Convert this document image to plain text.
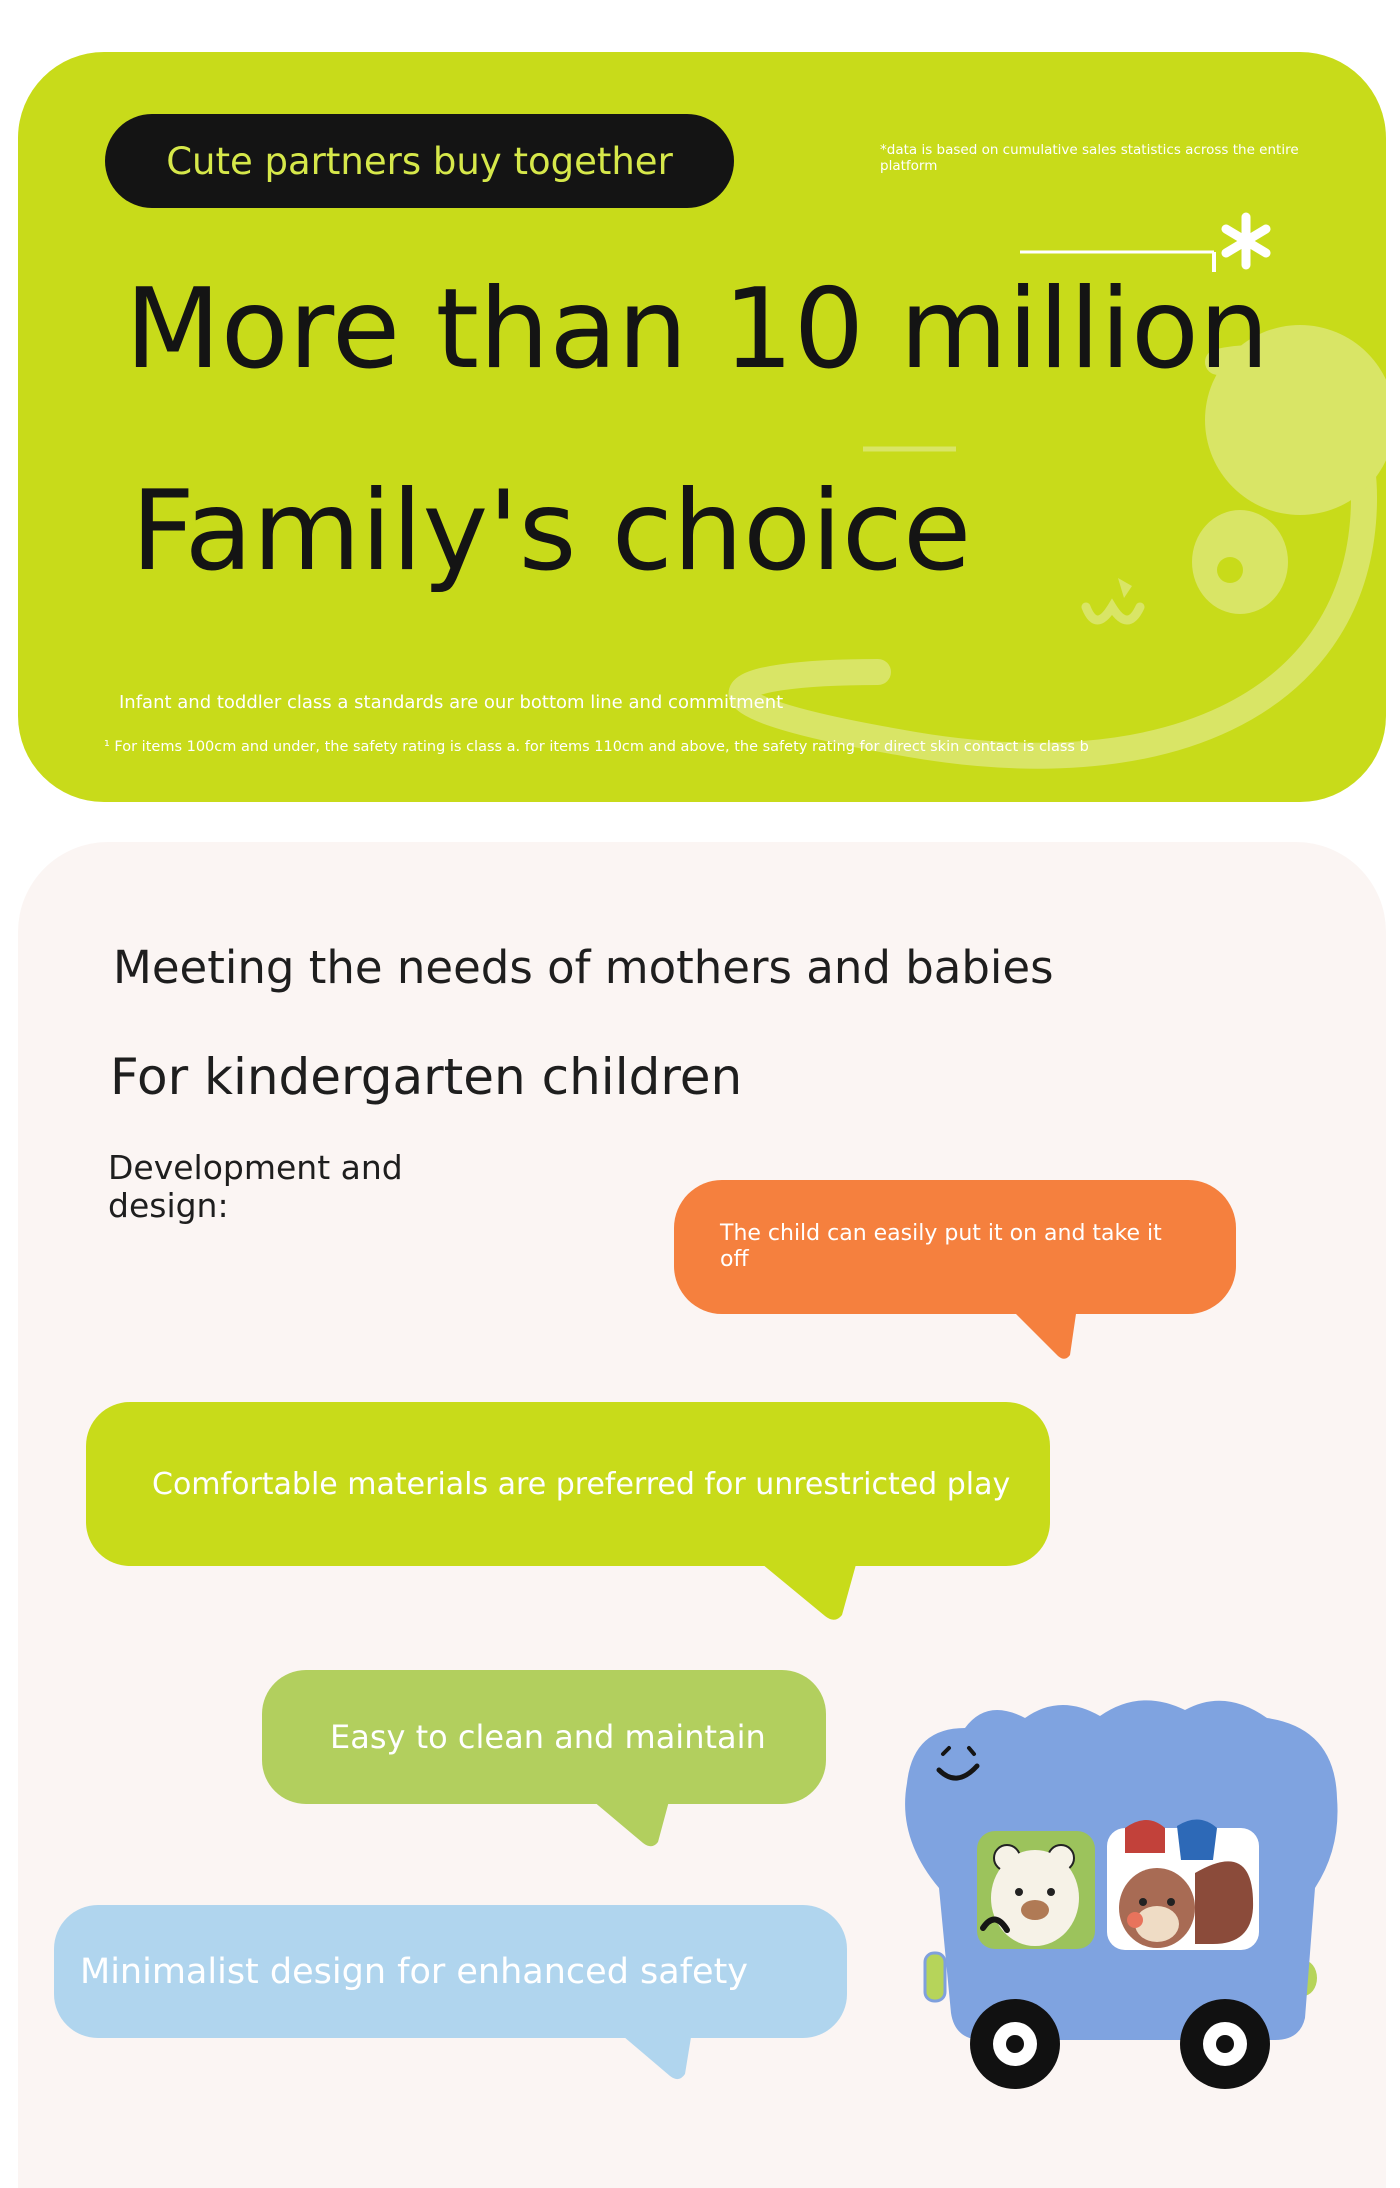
Cute partners buy together	*data is based on cumulative sales statistics across the entire platform
More than 10 million
Family's choice
Infant and toddler class a standards are our bottom line and commitment
¹ For items 100cm and under, the safety rating is class a. for items 110cm and above, the safety rating for direct skin contact is class b
Meeting the needs of mothers and babies
For kindergarten children
Development and design:
The child can easily put it on and take it off
Comfortable materials are preferred for unrestricted play
Easy to clean and maintain
Minimalist design for enhanced safety
